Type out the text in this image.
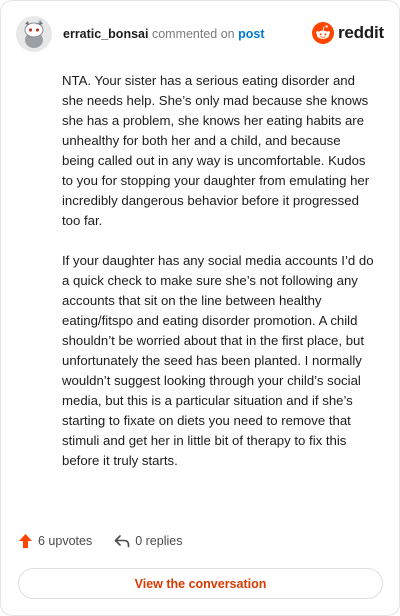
erratic_bonsai commented on post	reddit

NTA. Your sister has a serious eating disorder and she needs help. She’s only mad because she knows she has a problem, she knows her eating habits are unhealthy for both her and a child, and because being called out in any way is uncomfortable. Kudos to you for stopping your daughter from emulating her incredibly dangerous behavior before it progressed too far.

If your daughter has any social media accounts I’d do a quick check to make sure she’s not following any accounts that sit on the line between healthy eating/fitspo and eating disorder promotion. A child shouldn’t be worried about that in the first place, but unfortunately the seed has been planted. I normally wouldn’t suggest looking through your child’s social media, but this is a particular situation and if she’s starting to fixate on diets you need to remove that stimuli and get her in little bit of therapy to fix this before it truly starts.

6 upvotes	0 replies
View the conversation
